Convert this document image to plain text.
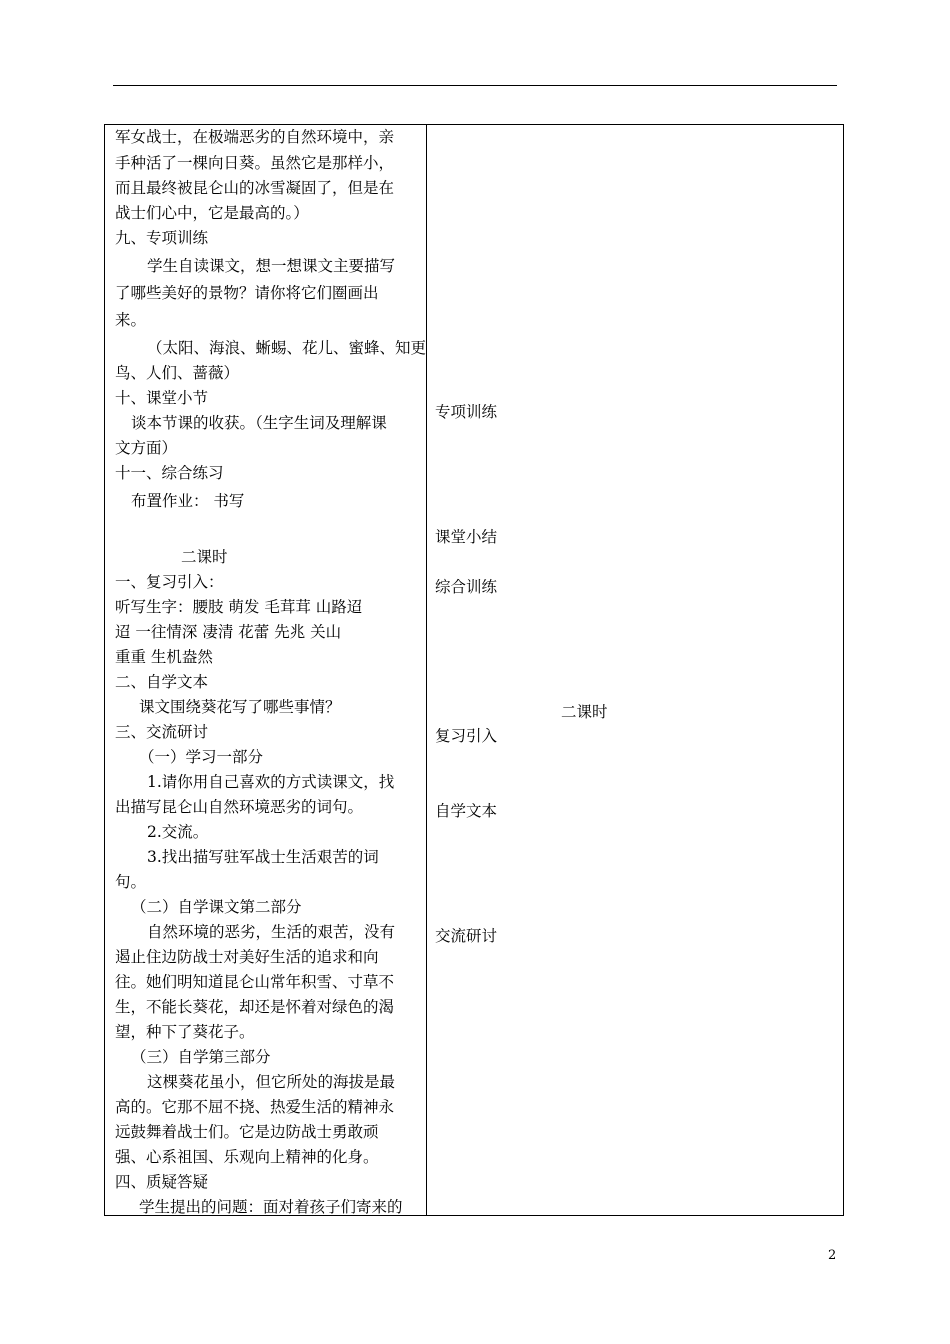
军女战士，在极端恶劣的自然环境中，亲
手种活了一棵向日葵。虽然它是那样小，
而且最终被昆仑山的冰雪凝固了，但是在
战士们心中，它是最高的。）
九、专项训练
学生自读课文，想一想课文主要描写
了哪些美好的景物？请你将它们圈画出
来。
（太阳、海浪、蜥蜴、花儿、蜜蜂、知更
鸟、人们、蔷薇）
十、课堂小节
谈本节课的收获。（生字生词及理解课
文方面）
十一、综合练习
布置作业： 书写
二课时
一、复习引入：
听写生字：腰肢 萌发 毛茸茸 山路迢
迢 一往情深 凄清 花蕾 先兆 关山
重重 生机盎然
二、自学文本
课文围绕葵花写了哪些事情？
三、交流研讨
（一）学习一部分
1.请你用自己喜欢的方式读课文，找
出描写昆仑山自然环境恶劣的词句。
2.交流。
3.找出描写驻军战士生活艰苦的词
句。
（二）自学课文第二部分
自然环境的恶劣，生活的艰苦，没有
遏止住边防战士对美好生活的追求和向
往。她们明知道昆仑山常年积雪、寸草不
生，不能长葵花，却还是怀着对绿色的渴
望，种下了葵花子。
（三）自学第三部分
这棵葵花虽小，但它所处的海拔是最
高的。它那不屈不挠、热爱生活的精神永
远鼓舞着战士们。它是边防战士勇敢顽
强、心系祖国、乐观向上精神的化身。
四、质疑答疑
学生提出的问题：面对着孩子们寄来的
专项训练
课堂小结
综合训练
二课时
复习引入
自学文本
交流研讨
2
